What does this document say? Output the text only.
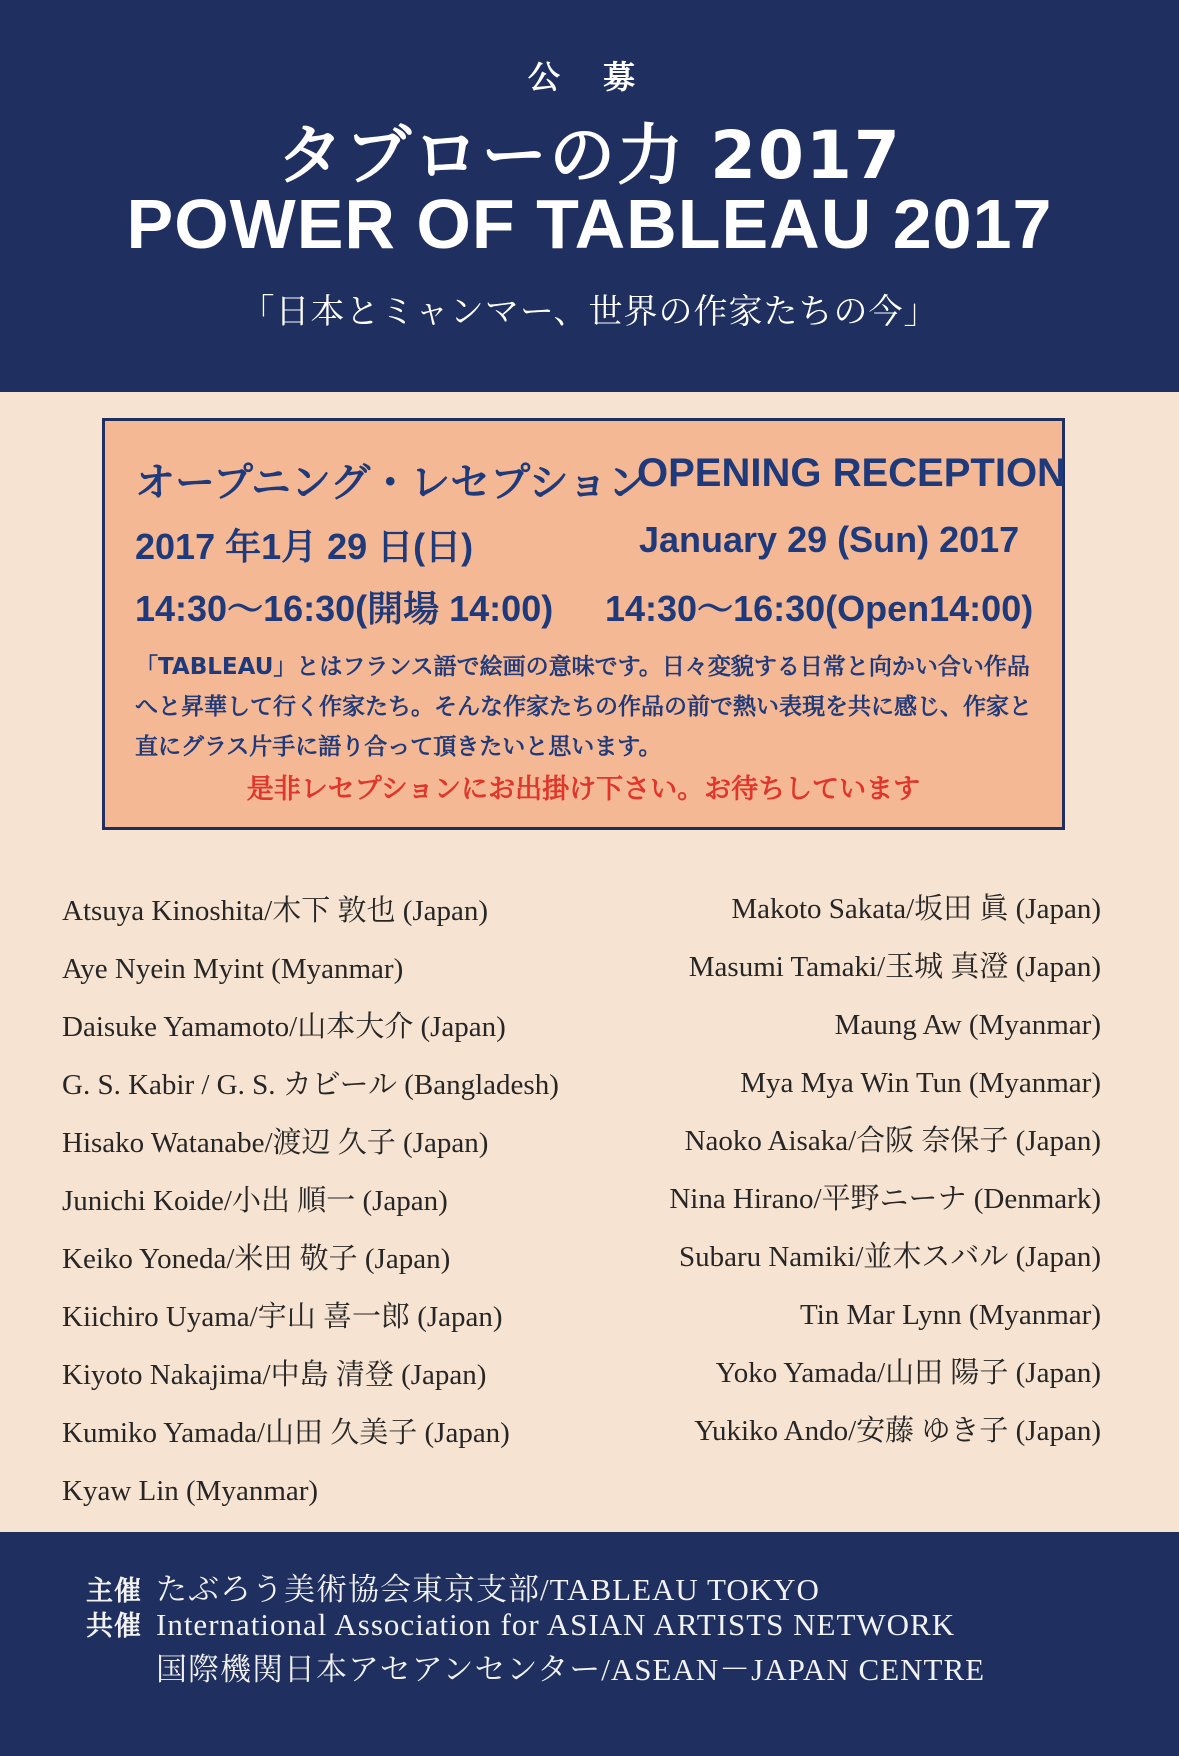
公 募
タブローの力 2017
POWER OF TABLEAU 2017
「日本とミャンマー、世界の作家たちの今」
オープニング・レセプション
OPENING RECEPTION
2017 年1月 29 日(日)	January 29 (Sun) 2017
14:30～16:30(開場 14:00) 14:30～16:30(Open14:00)
「TABLEAU」とはフランス語で絵画の意味です。日々変貌する日常と向かい合い作品へと昇華して行く作家たち。そんな作家たちの作品の前で熱い表現を共に感じ、作家と直にグラス片手に語り合って頂きたいと思います。
是非レセプションにお出掛け下さい。お待ちしています
Atsuya Kinoshita/木下 敦也 (Japan)
Aye Nyein Myint (Myanmar)
Daisuke Yamamoto/山本大介 (Japan)
G. S. Kabir / G. S. カビール (Bangladesh)
Hisako Watanabe/渡辺 久子 (Japan)
Junichi Koide/小出 順一 (Japan)
Keiko Yoneda/米田 敬子 (Japan)
Kiichiro Uyama/宇山 喜一郎 (Japan)
Kiyoto Nakajima/中島 清登 (Japan)
Kumiko Yamada/山田 久美子 (Japan)
Kyaw Lin (Myanmar)
Makoto Sakata/坂田 眞 (Japan)
Masumi Tamaki/玉城 真澄 (Japan)
Maung Aw (Myanmar)
Mya Mya Win Tun (Myanmar)
Naoko Aisaka/合阪 奈保子 (Japan)
Nina Hirano/平野ニーナ (Denmark)
Subaru Namiki/並木スバル (Japan)
Tin Mar Lynn (Myanmar)
Yoko Yamada/山田 陽子 (Japan)
Yukiko Ando/安藤 ゆき子 (Japan)
主催 たぶろう美術協会東京支部/TABLEAU TOKYO
共催 International Association for ASIAN ARTISTS NETWORK
国際機関日本アセアンセンター/ASEAN－JAPAN CENTRE
